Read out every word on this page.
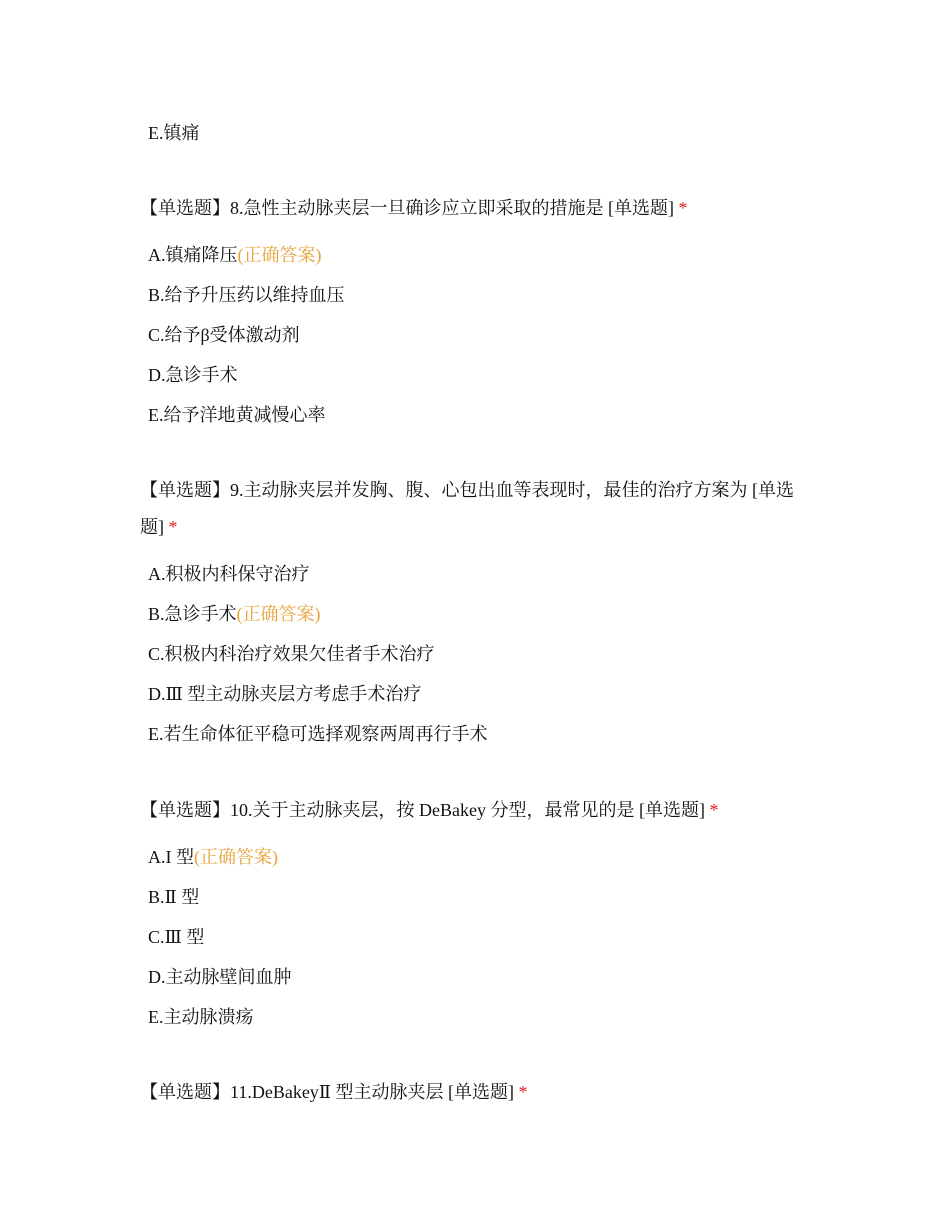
E.镇痛

【单选题】8.急性主动脉夹层一旦确诊应立即采取的措施是 [单选题] *

A.镇痛降压(正确答案)
B.给予升压药以维持血压
C.给予β受体激动剂
D.急诊手术
E.给予洋地黄减慢心率

【单选题】9.主动脉夹层并发胸、腹、心包出血等表现时，最佳的治疗方案为 [单选题] *

A.积极内科保守治疗
B.急诊手术(正确答案)
C.积极内科治疗效果欠佳者手术治疗
D.Ⅲ 型主动脉夹层方考虑手术治疗
E.若生命体征平稳可选择观察两周再行手术

【单选题】10.关于主动脉夹层，按 DeBakey 分型，最常见的是 [单选题] *

A.I 型(正确答案)
B.Ⅱ 型
C.Ⅲ 型
D.主动脉壁间血肿
E.主动脉溃疡

【单选题】11.DeBakeyⅡ 型主动脉夹层 [单选题] *
